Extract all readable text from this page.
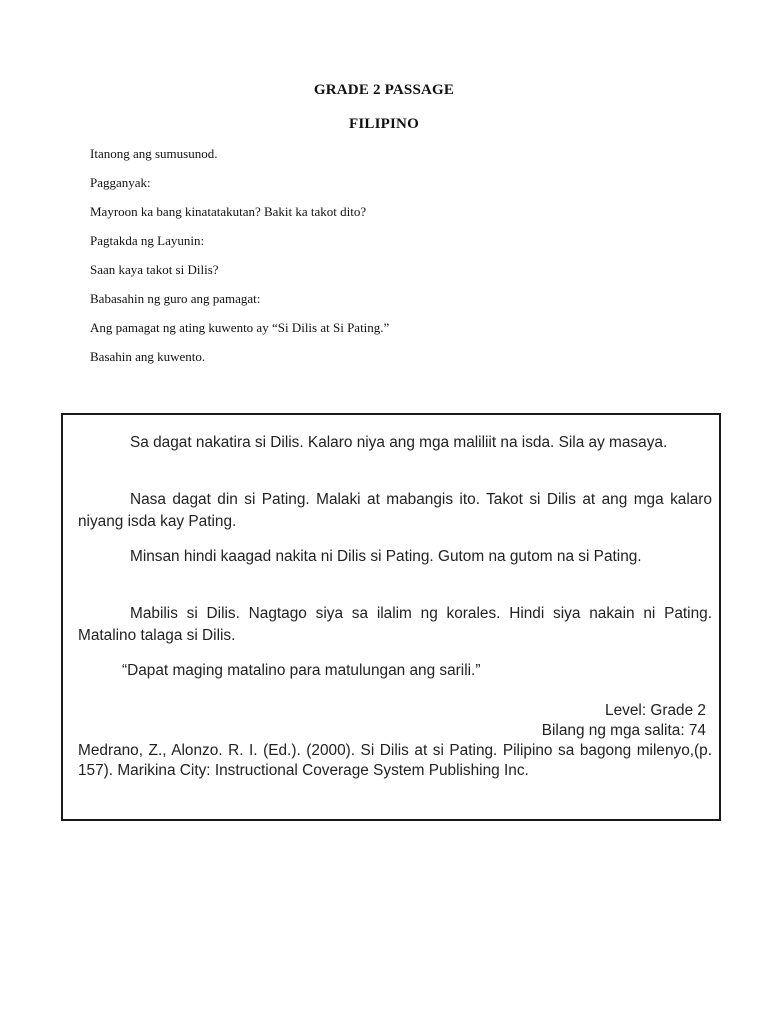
GRADE 2 PASSAGE
FILIPINO

Itanong ang sumusunod.

Pagganyak:

Mayroon ka bang kinatatakutan? Bakit ka takot dito?

Pagtakda ng Layunin:

Saan kaya takot si Dilis?

Babasahin ng guro ang pamagat:

Ang pamagat ng ating kuwento ay “Si Dilis at Si Pating.”

Basahin ang kuwento.

Sa dagat nakatira si Dilis. Kalaro niya ang mga maliliit na isda. Sila ay masaya.

Nasa dagat din si Pating. Malaki at mabangis ito. Takot si Dilis at ang mga kalaro niyang isda kay Pating.

Minsan hindi kaagad nakita ni Dilis si Pating. Gutom na gutom na si Pating.

Mabilis si Dilis. Nagtago siya sa ilalim ng korales. Hindi siya nakain ni Pating. Matalino talaga si Dilis.

“Dapat maging matalino para matulungan ang sarili.”

Level: Grade 2

Bilang ng mga salita: 74

Medrano, Z., Alonzo. R. I. (Ed.). (2000). Si Dilis at si Pating. Pilipino sa bagong milenyo,(p. 157). Marikina City: Instructional Coverage System Publishing Inc.
